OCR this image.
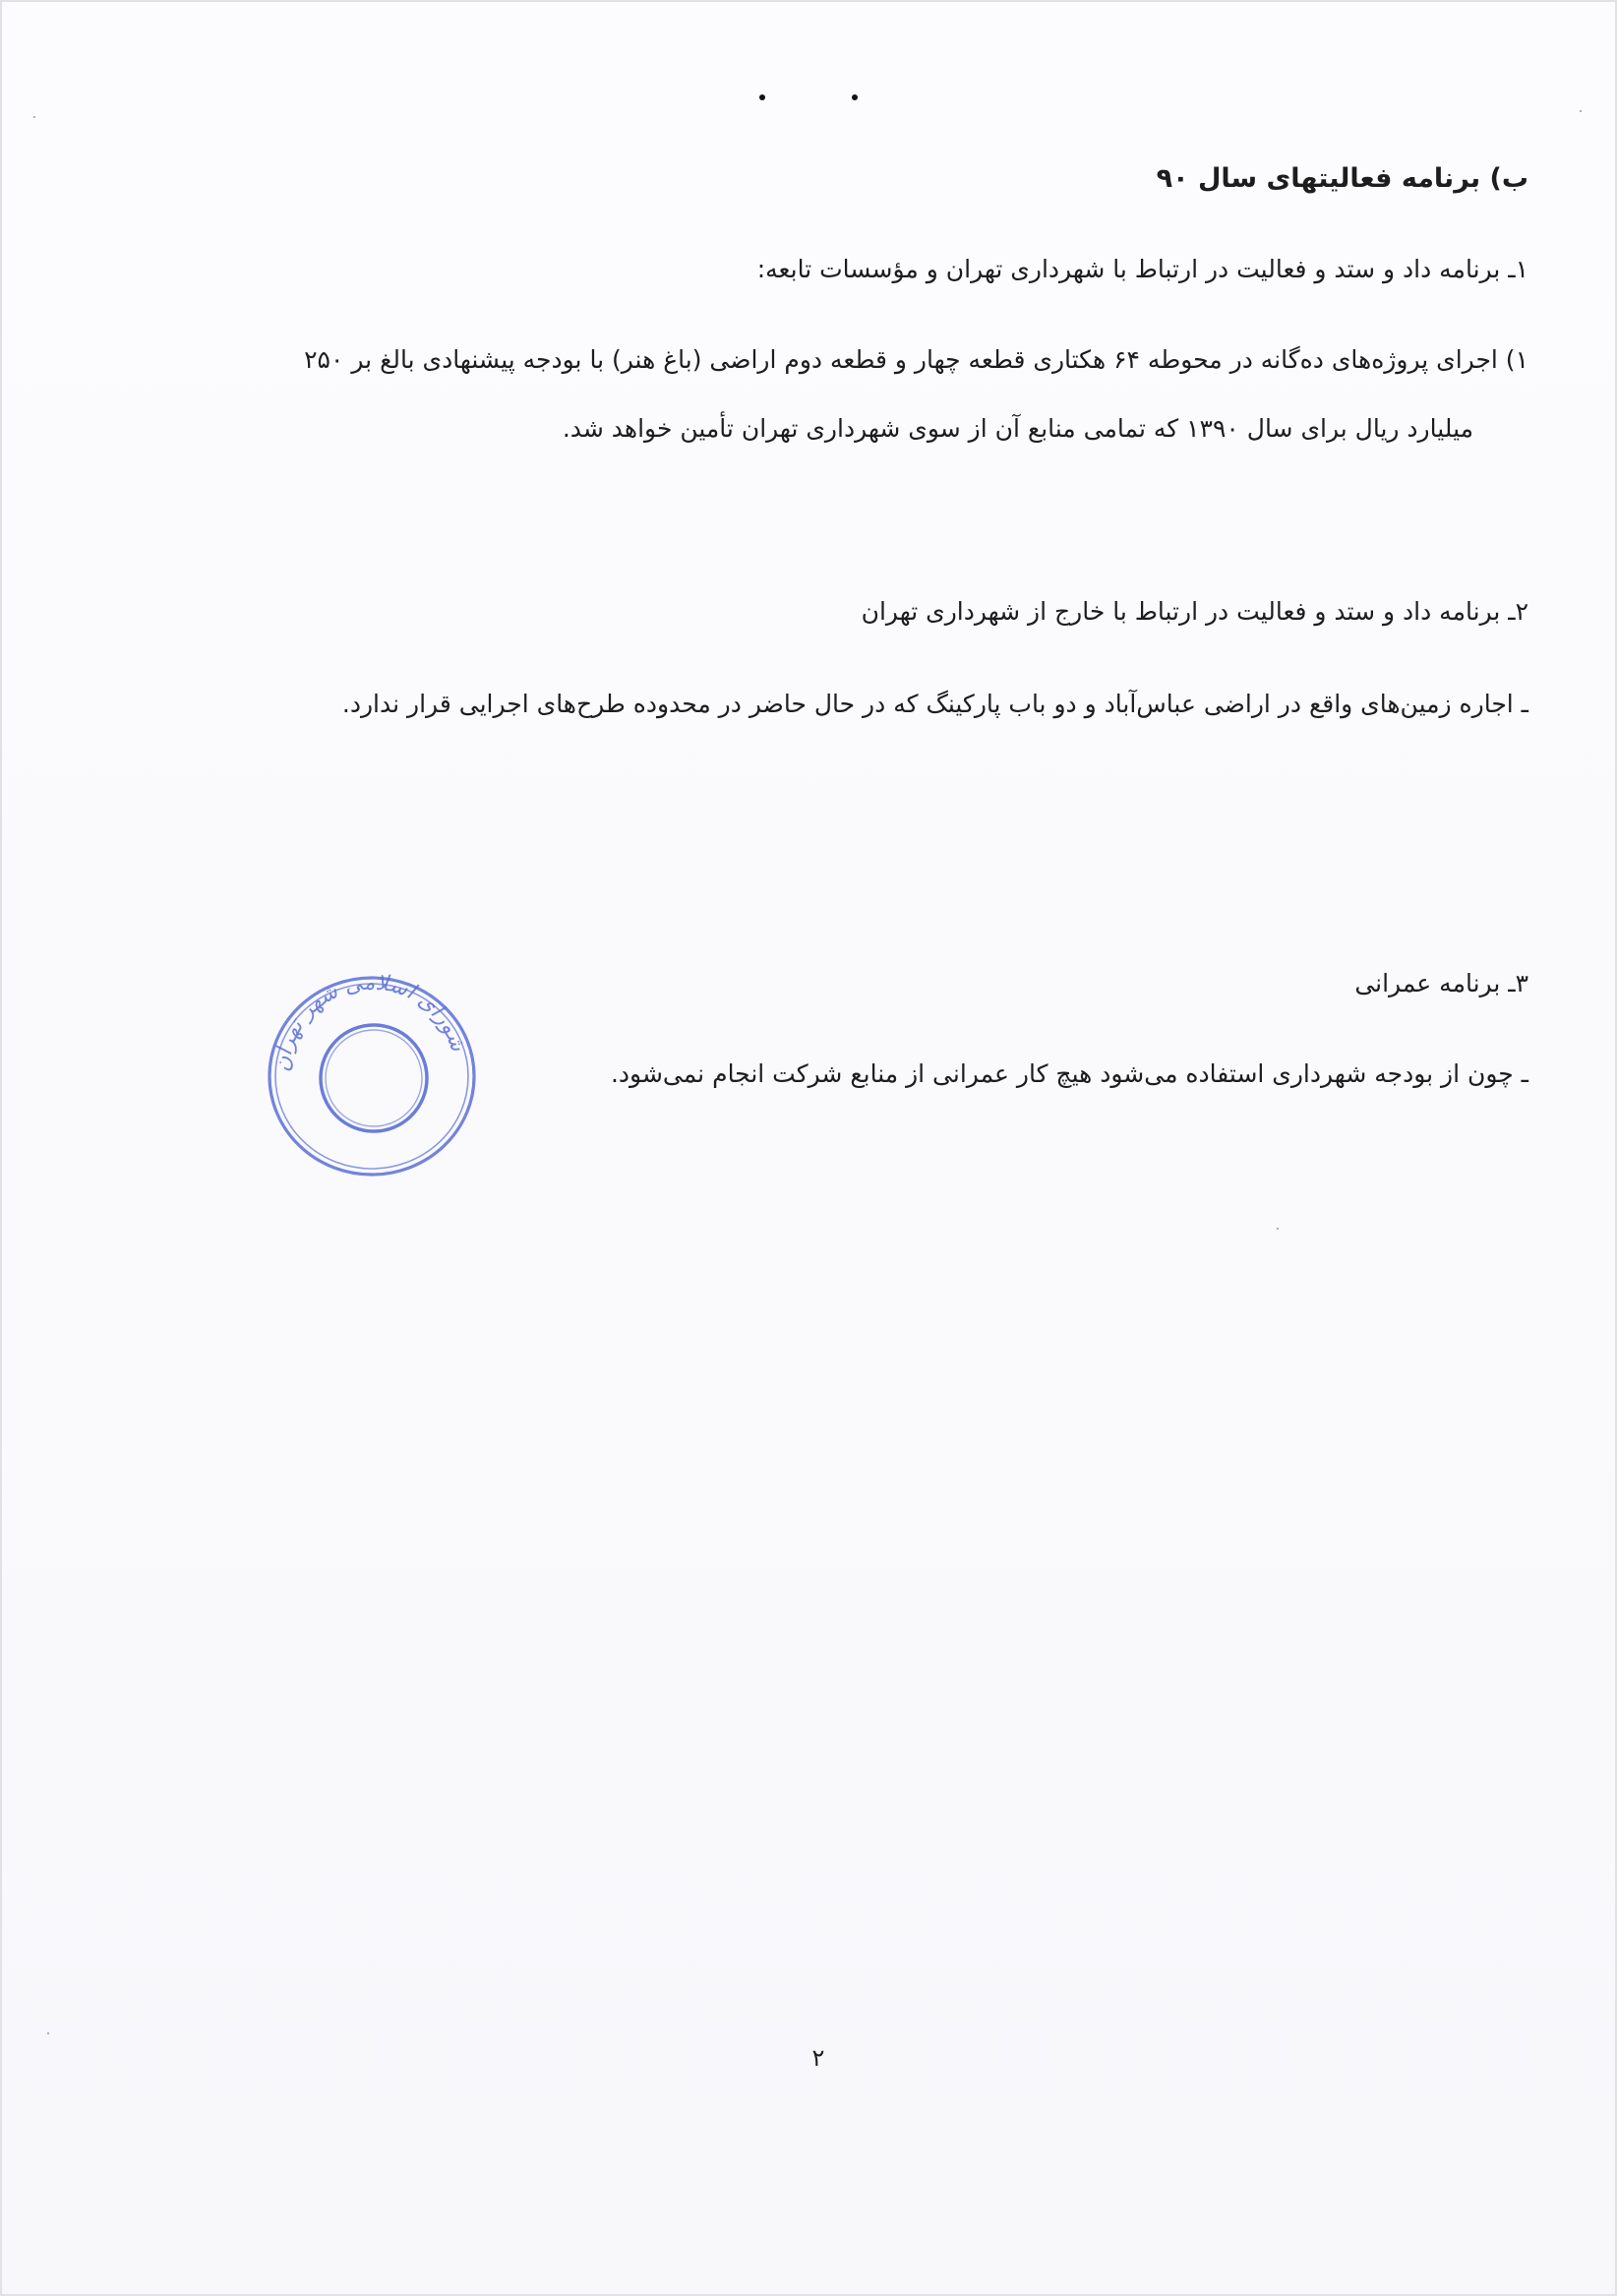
ب) برنامه فعالیتهای سال ۹۰
۱ـ برنامه داد و ستد و فعالیت در ارتباط با شهرداری تهران و مؤسسات تابعه:
۱) اجرای پروژه‌های ده‌گانه در محوطه ۶۴ هکتاری قطعه چهار و قطعه دوم اراضی (باغ هنر) با بودجه پیشنهادی بالغ بر ۲۵۰
میلیارد ریال برای سال ۱۳۹۰ که تمامی منابع آن از سوی شهرداری تهران تأمین خواهد شد.
۲ـ برنامه داد و ستد و فعالیت در ارتباط با خارج از شهرداری تهران
ـ اجاره زمین‌های واقع در اراضی عباس‌آباد و دو باب پارکینگ که در حال حاضر در محدوده طرح‌های اجرایی قرار ندارد.
۳ـ برنامه عمرانی
ـ چون از بودجه شهرداری استفاده می‌شود هیچ کار عمرانی از منابع شرکت انجام نمی‌شود.
شورای اسلامی شهر تهران
۲
